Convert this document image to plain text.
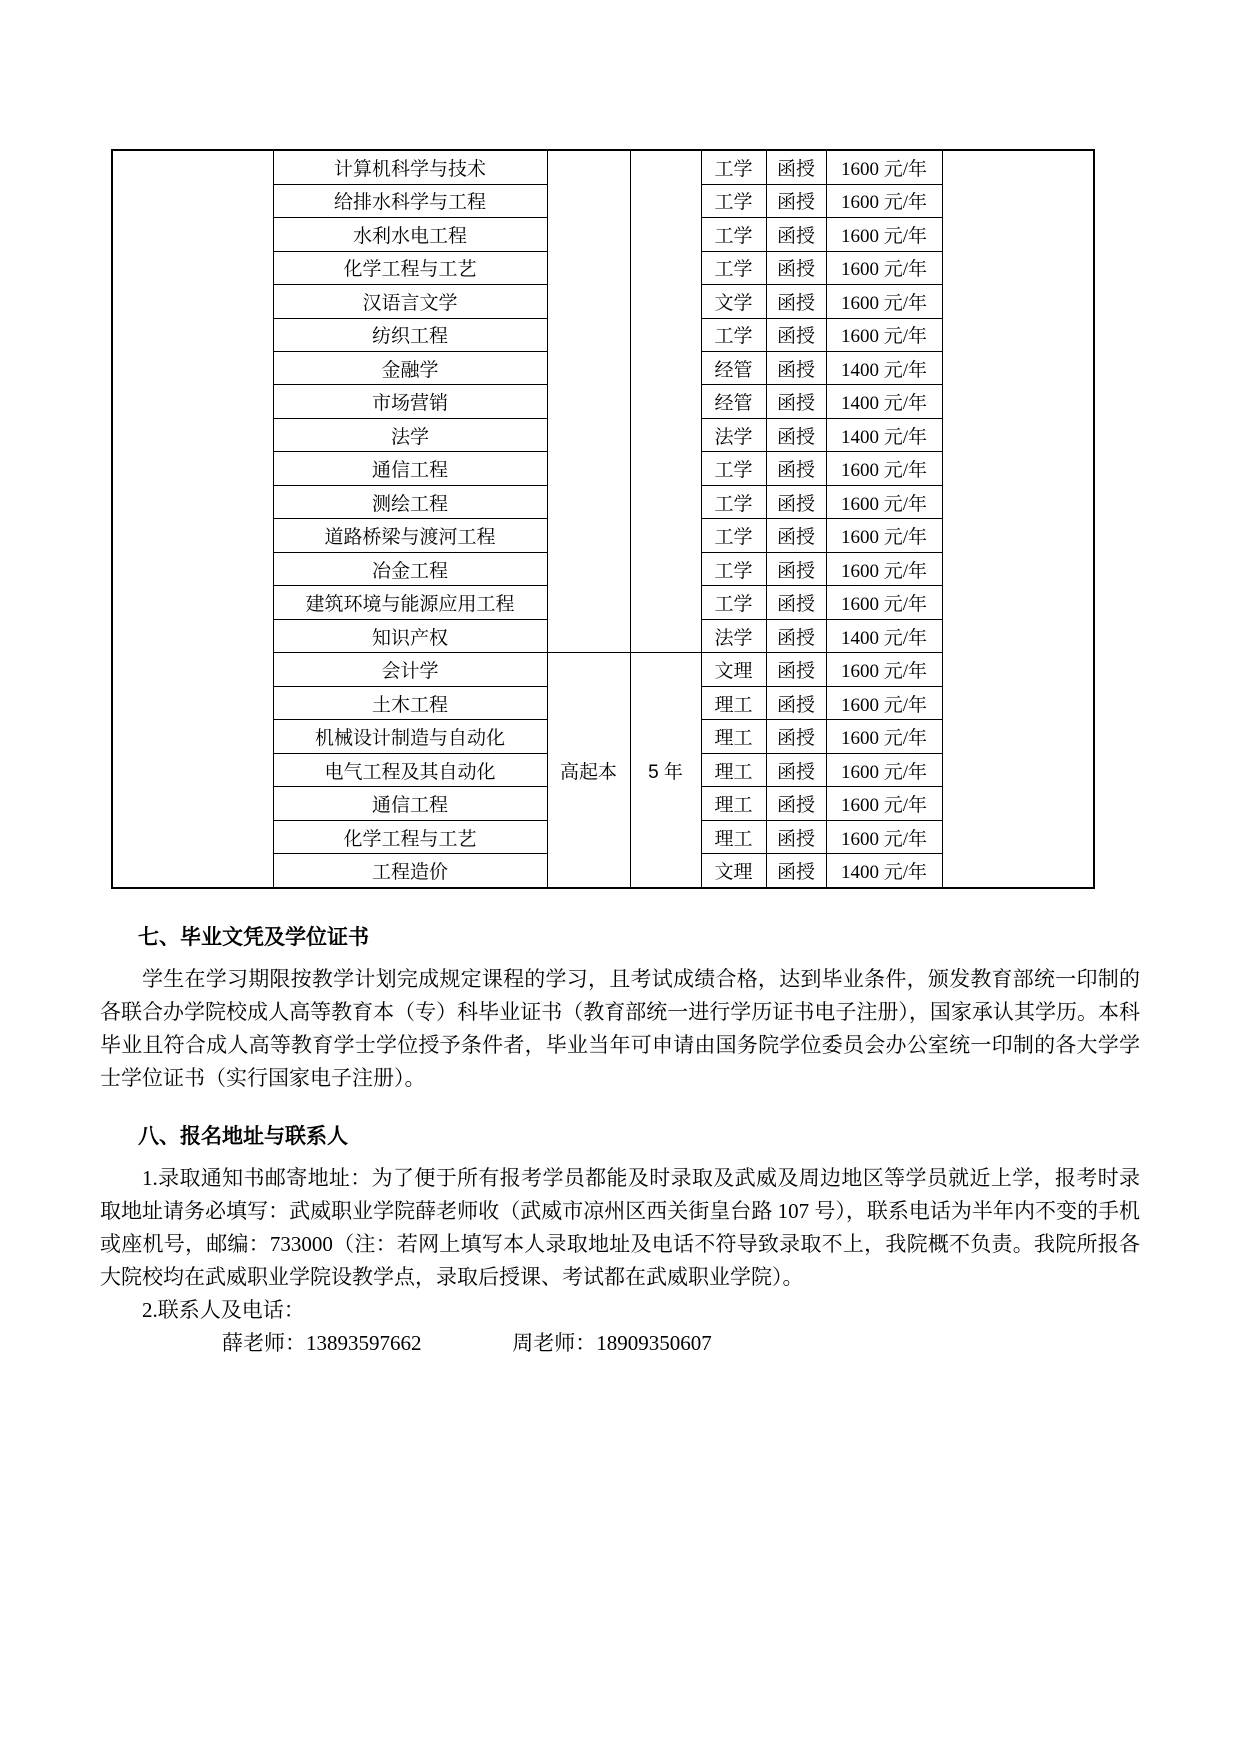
	计算机科学与技术			工学	函授	1600 元/年	
	给排水科学与工程			工学	函授	1600 元/年	
	水利水电工程			工学	函授	1600 元/年	
	化学工程与工艺			工学	函授	1600 元/年	
	汉语言文学			文学	函授	1600 元/年	
	纺织工程			工学	函授	1600 元/年	
	金融学			经管	函授	1400 元/年	
	市场营销			经管	函授	1400 元/年	
	法学			法学	函授	1400 元/年	
	通信工程			工学	函授	1600 元/年	
	测绘工程			工学	函授	1600 元/年	
	道路桥梁与渡河工程			工学	函授	1600 元/年	
	冶金工程			工学	函授	1600 元/年	
	建筑环境与能源应用工程			工学	函授	1600 元/年	
	知识产权			法学	函授	1400 元/年	
	会计学	高起本	5 年	文理	函授	1600 元/年	
	土木工程			理工	函授	1600 元/年	
	机械设计制造与自动化			理工	函授	1600 元/年	
	电气工程及其自动化			理工	函授	1600 元/年	
	通信工程			理工	函授	1600 元/年	
	化学工程与工艺			理工	函授	1600 元/年	
	工程造价			文理	函授	1400 元/年	
七、毕业文凭及学位证书

学生在学习期限按教学计划完成规定课程的学习，且考试成绩合格，达到毕业条件，颁发教育部统一印制的各联合办学院校成人高等教育本（专）科毕业证书（教育部统一进行学历证书电子注册），国家承认其学历。本科毕业且符合成人高等教育学士学位授予条件者，毕业当年可申请由国务院学位委员会办公室统一印制的各大学学士学位证书（实行国家电子注册）。

八、报名地址与联系人

1.录取通知书邮寄地址：为了便于所有报考学员都能及时录取及武威及周边地区等学员就近上学，报考时录取地址请务必填写：武威职业学院薛老师收（武威市凉州区西关街皇台路 107 号），联系电话为半年内不变的手机或座机号，邮编：733000（注：若网上填写本人录取地址及电话不符导致录取不上，我院概不负责。我院所报各大院校均在武威职业学院设教学点，录取后授课、考试都在武威职业学院）。

2.联系人及电话：

薛老师：13893597662	周老师：18909350607
